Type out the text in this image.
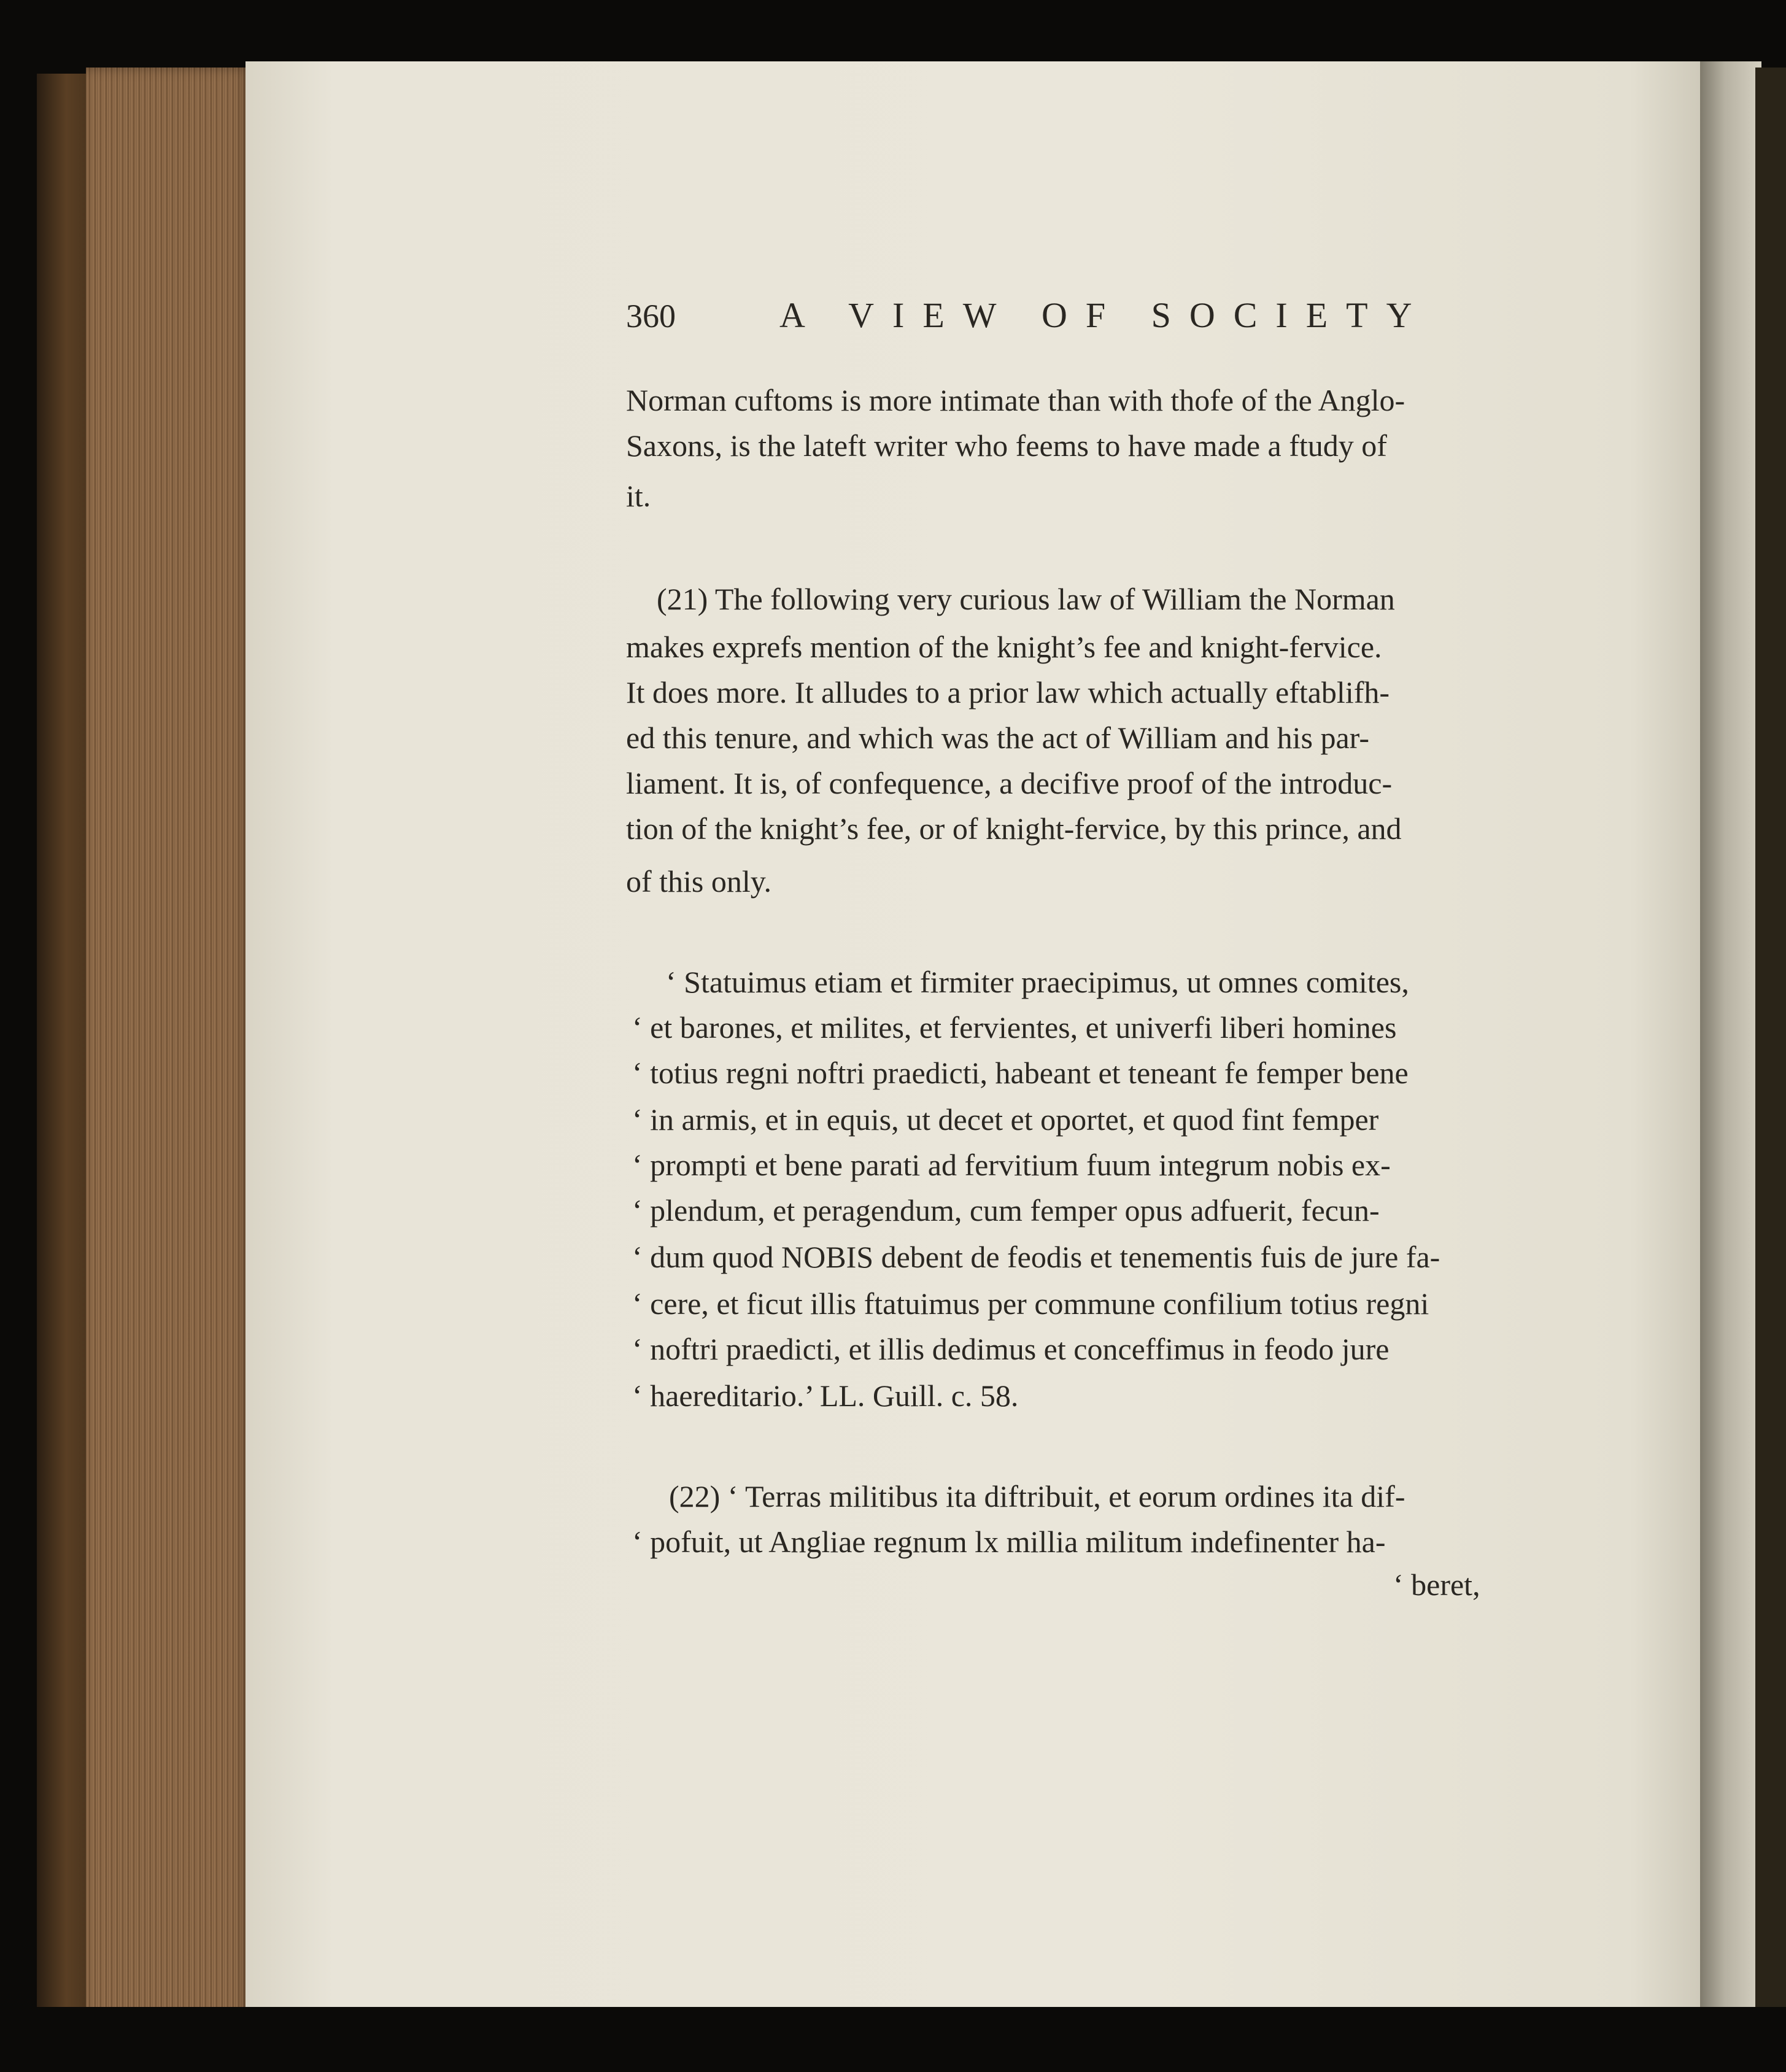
360	A VIEW OF SOCIETY
Norman cuftoms is more intimate than with thofe of the Anglo-
Saxons, is the lateft writer who feems to have made a ftudy of
it.
(21) The following very curious law of William the Norman
makes exprefs mention of the knight’s fee and knight-fervice.
It does more. It alludes to a prior law which actually eftablifh-
ed this tenure, and which was the act of William and his par-
liament. It is, of confequence, a decifive proof of the introduc-
tion of the knight’s fee, or of knight-fervice, by this prince, and
of this only.
‘ Statuimus etiam et firmiter praecipimus, ut omnes comites,
‘ et barones, et milites, et fervientes, et univerfi liberi homines
‘ totius regni noftri praedicti, habeant et teneant fe femper bene
‘ in armis, et in equis, ut decet et oportet, et quod fint femper
‘ prompti et bene parati ad fervitium fuum integrum nobis ex-
‘ plendum, et peragendum, cum femper opus adfuerit, fecun-
‘ dum quod NOBIS debent de feodis et tenementis fuis de jure fa-
‘ cere, et ficut illis ftatuimus per commune confilium totius regni
‘ noftri praedicti, et illis dedimus et conceffimus in feodo jure
‘ haereditario.’ LL. Guill. c. 58.
(22) ‘ Terras militibus ita diftribuit, et eorum ordines ita dif-
‘ pofuit, ut Angliae regnum lx millia militum indefinenter ha-
‘ beret,
